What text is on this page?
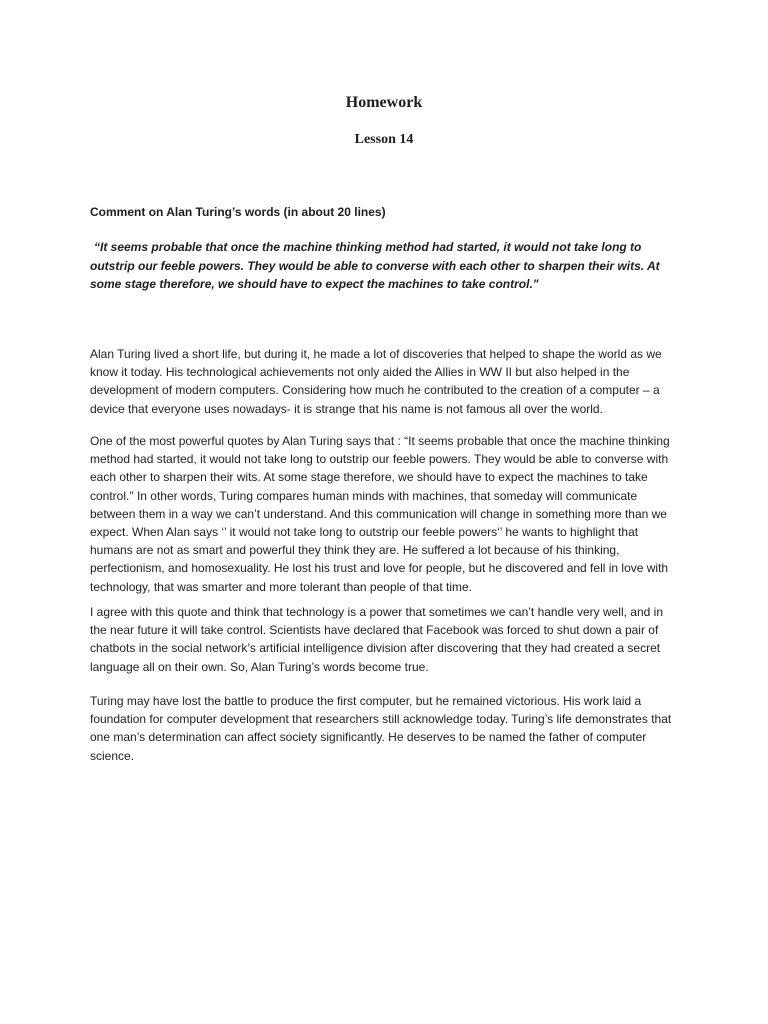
Homework
Lesson 14

Comment on Alan Turing’s words (in about 20 lines)

“It seems probable that once the machine thinking method had started, it would not take long to outstrip our feeble powers. They would be able to converse with each other to sharpen their wits. At some stage therefore, we should have to expect the machines to take control."

Alan Turing lived a short life, but during it, he made a lot of discoveries that helped to shape the world as we know it today. His technological achievements not only aided the Allies in WW II but also helped in the development of modern computers. Considering how much he contributed to the creation of a computer – a device that everyone uses nowadays- it is strange that his name is not famous all over the world.

One of the most powerful quotes by Alan Turing says that : “It seems probable that once the machine thinking method had started, it would not take long to outstrip our feeble powers. They would be able to converse with each other to sharpen their wits. At some stage therefore, we should have to expect the machines to take control." In other words, Turing compares human minds with machines, that someday will communicate between them in a way we can’t understand. And this communication will change in something more than we expect. When Alan says ‘’ it would not take long to outstrip our feeble powers‘’ he wants to highlight that humans are not as smart and powerful they think they are. He suffered a lot because of his thinking, perfectionism, and homosexuality. He lost his trust and love for people, but he discovered and fell in love with technology, that was smarter and more tolerant than people of that time.

I agree with this quote and think that technology is a power that sometimes we can’t handle very well, and in the near future it will take control. Scientists have declared that Facebook was forced to shut down a pair of chatbots in the social network’s artificial intelligence division after discovering that they had created a secret language all on their own. So, Alan Turing’s words become true.

Turing may have lost the battle to produce the first computer, but he remained victorious. His work laid a foundation for computer development that researchers still acknowledge today. Turing’s life demonstrates that one man’s determination can affect society significantly. He deserves to be named the father of computer science.
